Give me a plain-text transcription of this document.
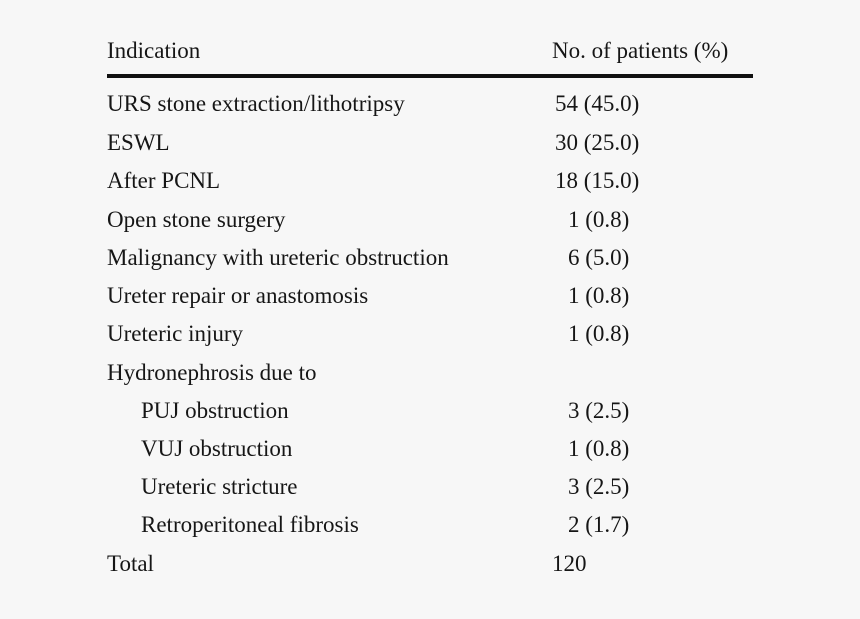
Indication	No. of patients (%)
URS stone extraction/lithotripsy	54 (45.0)
ESWL	30 (25.0)
After PCNL	18 (15.0)
Open stone surgery	1 (0.8)
Malignancy with ureteric obstruction	6 (5.0)
Ureter repair or anastomosis	1 (0.8)
Ureteric injury	1 (0.8)
Hydronephrosis due to
PUJ obstruction	3 (2.5)
VUJ obstruction	1 (0.8)
Ureteric stricture	3 (2.5)
Retroperitoneal fibrosis	2 (1.7)
Total	120
